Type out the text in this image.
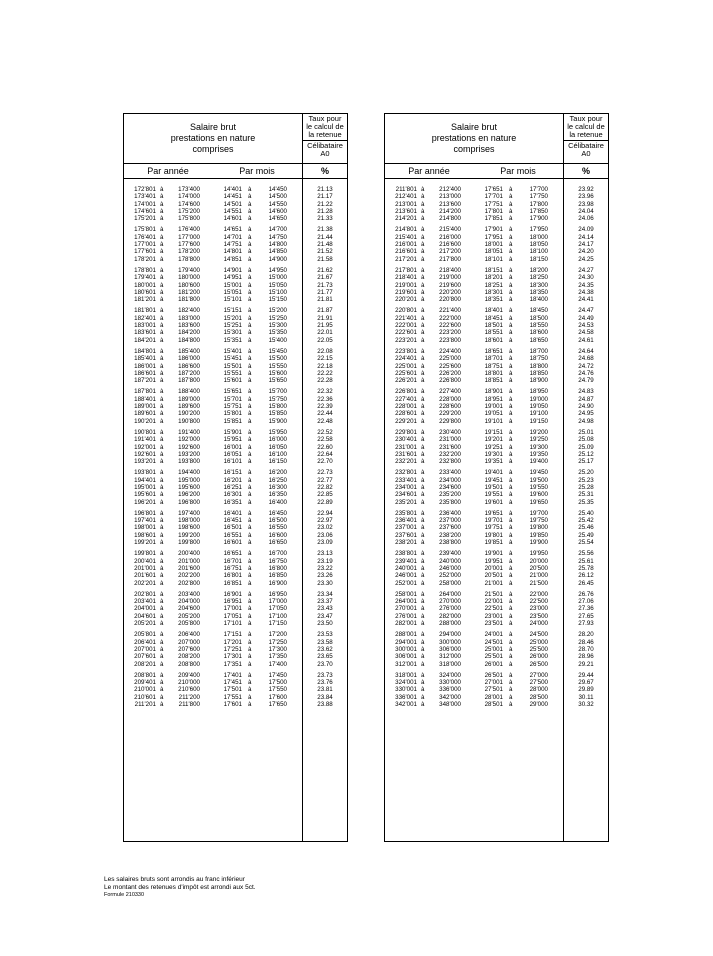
Salaire brut
prestations en nature
comprises
Taux pour
le calcul de
la retenue
Célibataire
A0
Par année	Par mois	%
172'801 à	173'400	14'401 à	14'450	21.13
173'401 à	174'000	14'451 à	14'500	21.17
174'001 à	174'600	14'501 à	14'550	21.22
174'601 à	175'200	14'551 à	14'600	21.28
175'201 à	175'800	14'601 à	14'650	21.33
175'801 à	176'400	14'651 à	14'700	21.38
176'401 à	177'000	14'701 à	14'750	21.44
177'001 à	177'600	14'751 à	14'800	21.48
177'601 à	178'200	14'801 à	14'850	21.52
178'201 à	178'800	14'851 à	14'900	21.58
178'801 à	179'400	14'901 à	14'950	21.62
179'401 à	180'000	14'951 à	15'000	21.67
180'001 à	180'600	15'001 à	15'050	21.73
180'601 à	181'200	15'051 à	15'100	21.77
181'201 à	181'800	15'101 à	15'150	21.81
181'801 à	182'400	15'151 à	15'200	21.87
182'401 à	183'000	15'201 à	15'250	21.91
183'001 à	183'600	15'251 à	15'300	21.95
183'601 à	184'200	15'301 à	15'350	22.01
184'201 à	184'800	15'351 à	15'400	22.05
184'801 à	185'400	15'401 à	15'450	22.08
185'401 à	186'000	15'451 à	15'500	22.15
186'001 à	186'600	15'501 à	15'550	22.18
186'601 à	187'200	15'551 à	15'600	22.22
187'201 à	187'800	15'601 à	15'650	22.28
187'801 à	188'400	15'651 à	15'700	22.32
188'401 à	189'000	15'701 à	15'750	22.36
189'001 à	189'600	15'751 à	15'800	22.39
189'601 à	190'200	15'801 à	15'850	22.44
190'201 à	190'800	15'851 à	15'900	22.48
190'801 à	191'400	15'901 à	15'950	22.52
191'401 à	192'000	15'951 à	16'000	22.58
192'001 à	192'600	16'001 à	16'050	22.60
192'601 à	193'200	16'051 à	16'100	22.64
193'201 à	193'800	16'101 à	16'150	22.70
193'801 à	194'400	16'151 à	16'200	22.73
194'401 à	195'000	16'201 à	16'250	22.77
195'001 à	195'600	16'251 à	16'300	22.82
195'601 à	196'200	16'301 à	16'350	22.85
196'201 à	196'800	16'351 à	16'400	22.89
196'801 à	197'400	16'401 à	16'450	22.94
197'401 à	198'000	16'451 à	16'500	22.97
198'001 à	198'600	16'501 à	16'550	23.02
198'601 à	199'200	16'551 à	16'600	23.06
199'201 à	199'800	16'601 à	16'650	23.09
199'801 à	200'400	16'651 à	16'700	23.13
200'401 à	201'000	16'701 à	16'750	23.19
201'001 à	201'600	16'751 à	16'800	23.22
201'601 à	202'200	16'801 à	16'850	23.26
202'201 à	202'800	16'851 à	16'900	23.30
202'801 à	203'400	16'901 à	16'950	23.34
203'401 à	204'000	16'951 à	17'000	23.37
204'001 à	204'600	17'001 à	17'050	23.43
204'601 à	205'200	17'051 à	17'100	23.47
205'201 à	205'800	17'101 à	17'150	23.50
205'801 à	206'400	17'151 à	17'200	23.53
206'401 à	207'000	17'201 à	17'250	23.58
207'001 à	207'600	17'251 à	17'300	23.62
207'601 à	208'200	17'301 à	17'350	23.65
208'201 à	208'800	17'351 à	17'400	23.70
208'801 à	209'400	17'401 à	17'450	23.73
209'401 à	210'000	17'451 à	17'500	23.76
210'001 à	210'600	17'501 à	17'550	23.81
210'601 à	211'200	17'551 à	17'600	23.84
211'201 à	211'800	17'601 à	17'650	23.88
Salaire brut
prestations en nature
comprises
Taux pour
le calcul de
la retenue
Célibataire
A0
Par année	Par mois	%
211'801 à	212'400	17'651 à	17'700	23.92
212'401 à	213'000	17'701 à	17'750	23.96
213'001 à	213'600	17'751 à	17'800	23.98
213'601 à	214'200	17'801 à	17'850	24.04
214'201 à	214'800	17'851 à	17'900	24.06
214'801 à	215'400	17'901 à	17'950	24.09
215'401 à	216'000	17'951 à	18'000	24.14
216'001 à	216'600	18'001 à	18'050	24.17
216'601 à	217'200	18'051 à	18'100	24.20
217'201 à	217'800	18'101 à	18'150	24.25
217'801 à	218'400	18'151 à	18'200	24.27
218'401 à	219'000	18'201 à	18'250	24.30
219'001 à	219'600	18'251 à	18'300	24.35
219'601 à	220'200	18'301 à	18'350	24.38
220'201 à	220'800	18'351 à	18'400	24.41
220'801 à	221'400	18'401 à	18'450	24.47
221'401 à	222'000	18'451 à	18'500	24.49
222'001 à	222'600	18'501 à	18'550	24.53
222'601 à	223'200	18'551 à	18'600	24.58
223'201 à	223'800	18'601 à	18'650	24.61
223'801 à	224'400	18'651 à	18'700	24.64
224'401 à	225'000	18'701 à	18'750	24.68
225'001 à	225'600	18'751 à	18'800	24.72
225'601 à	226'200	18'801 à	18'850	24.76
226'201 à	226'800	18'851 à	18'900	24.79
226'801 à	227'400	18'901 à	18'950	24.83
227'401 à	228'000	18'951 à	19'000	24.87
228'001 à	228'600	19'001 à	19'050	24.90
228'601 à	229'200	19'051 à	19'100	24.95
229'201 à	229'800	19'101 à	19'150	24.98
229'801 à	230'400	19'151 à	19'200	25.01
230'401 à	231'000	19'201 à	19'250	25.08
231'001 à	231'600	19'251 à	19'300	25.09
231'601 à	232'200	19'301 à	19'350	25.12
232'201 à	232'800	19'351 à	19'400	25.17
232'801 à	233'400	19'401 à	19'450	25.20
233'401 à	234'000	19'451 à	19'500	25.23
234'001 à	234'600	19'501 à	19'550	25.28
234'601 à	235'200	19'551 à	19'600	25.31
235'201 à	235'800	19'601 à	19'650	25.35
235'801 à	236'400	19'651 à	19'700	25.40
236'401 à	237'000	19'701 à	19'750	25.42
237'001 à	237'600	19'751 à	19'800	25.46
237'601 à	238'200	19'801 à	19'850	25.49
238'201 à	238'800	19'851 à	19'900	25.54
238'801 à	239'400	19'901 à	19'950	25.56
239'401 à	240'000	19'951 à	20'000	25.61
240'001 à	246'000	20'001 à	20'500	25.78
246'001 à	252'000	20'501 à	21'000	26.12
252'001 à	258'000	21'001 à	21'500	26.45
258'001 à	264'000	21'501 à	22'000	26.76
264'001 à	270'000	22'001 à	22'500	27.06
270'001 à	276'000	22'501 à	23'000	27.36
276'001 à	282'000	23'001 à	23'500	27.65
282'001 à	288'000	23'501 à	24'000	27.93
288'001 à	294'000	24'001 à	24'500	28.20
294'001 à	300'000	24'501 à	25'000	28.46
300'001 à	306'000	25'001 à	25'500	28.70
306'001 à	312'000	25'501 à	26'000	28.96
312'001 à	318'000	26'001 à	26'500	29.21
318'001 à	324'000	26'501 à	27'000	29.44
324'001 à	330'000	27'001 à	27'500	29.67
330'001 à	336'000	27'501 à	28'000	29.89
336'001 à	342'000	28'001 à	28'500	30.11
342'001 à	348'000	28'501 à	29'000	30.32
Les salaires bruts sont arrondis au franc inférieur
Le montant des retenues d'impôt est arrondi aux 5ct.
Formule 210330
